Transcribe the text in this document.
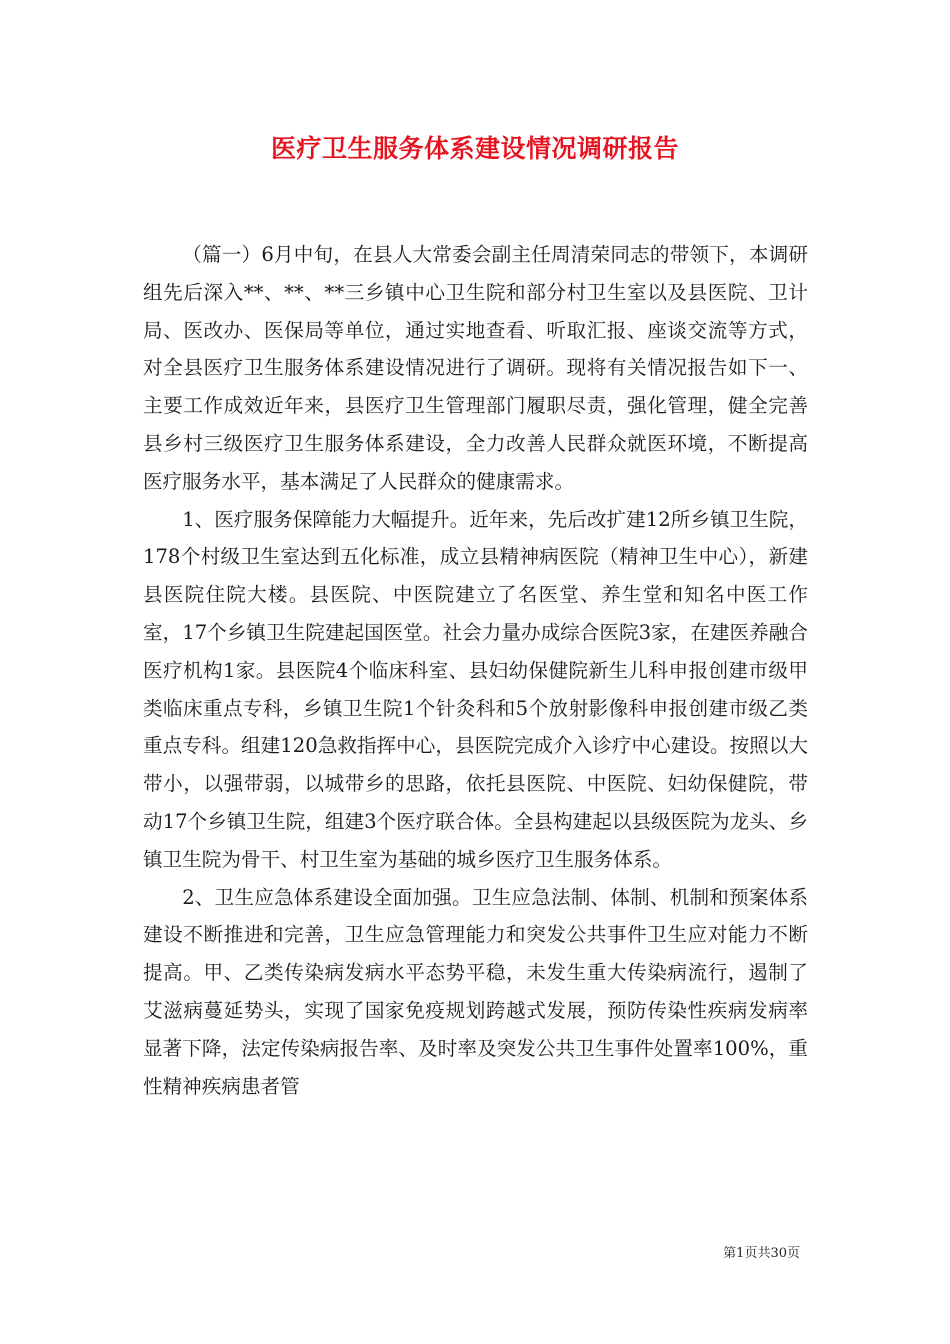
医疗卫生服务体系建设情况调研报告

（篇一）6月中旬，在县人大常委会副主任周清荣同志的带领下，本调研组先后深入**、**、**三乡镇中心卫生院和部分村卫生室以及县医院、卫计局、医改办、医保局等单位，通过实地查看、听取汇报、座谈交流等方式，对全县医疗卫生服务体系建设情况进行了调研。现将有关情况报告如下一、主要工作成效近年来，县医疗卫生管理部门履职尽责，强化管理，健全完善县乡村三级医疗卫生服务体系建设，全力改善人民群众就医环境，不断提高医疗服务水平，基本满足了人民群众的健康需求。

1、医疗服务保障能力大幅提升。近年来，先后改扩建12所乡镇卫生院，178个村级卫生室达到五化标准，成立县精神病医院（精神卫生中心），新建县医院住院大楼。县医院、中医院建立了名医堂、养生堂和知名中医工作室，17个乡镇卫生院建起国医堂。社会力量办成综合医院3家，在建医养融合医疗机构1家。县医院4个临床科室、县妇幼保健院新生儿科申报创建市级甲类临床重点专科，乡镇卫生院1个针灸科和5个放射影像科申报创建市级乙类重点专科。组建120急救指挥中心，县医院完成介入诊疗中心建设。按照以大带小，以强带弱，以城带乡的思路，依托县医院、中医院、妇幼保健院，带动17个乡镇卫生院，组建3个医疗联合体。全县构建起以县级医院为龙头、乡镇卫生院为骨干、村卫生室为基础的城乡医疗卫生服务体系。

2、卫生应急体系建设全面加强。卫生应急法制、体制、机制和预案体系建设不断推进和完善，卫生应急管理能力和突发公共事件卫生应对能力不断提高。甲、乙类传染病发病水平态势平稳，未发生重大传染病流行，遏制了艾滋病蔓延势头，实现了国家免疫规划跨越式发展，预防传染性疾病发病率显著下降，法定传染病报告率、及时率及突发公共卫生事件处置率100%，重性精神疾病患者管

第1页共30页
